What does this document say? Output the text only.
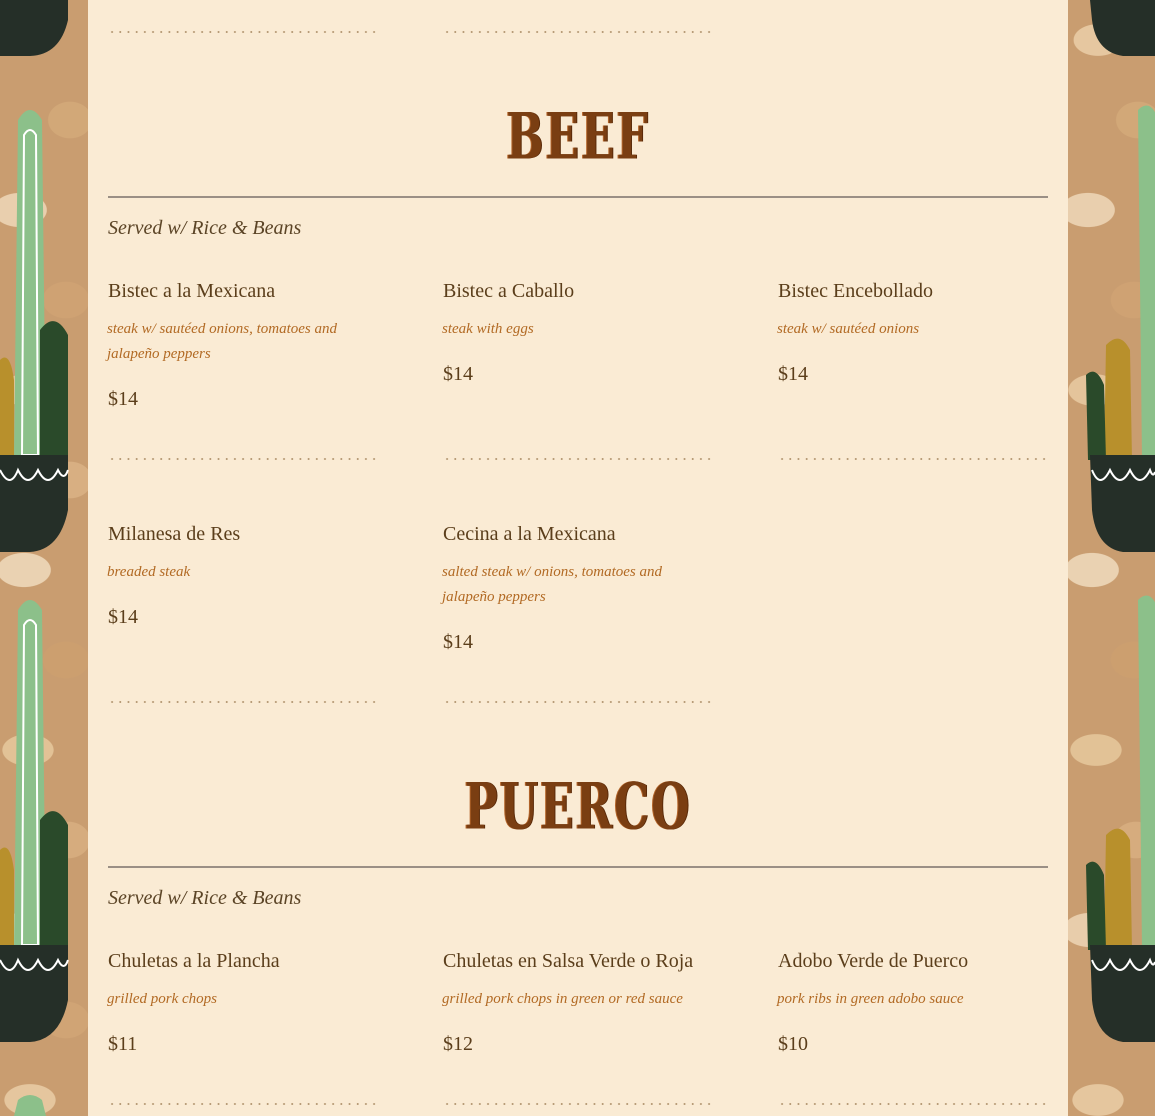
BEEF
Served w/ Rice & Beans
Bistec a la Mexicana
steak w/ sautéed onions, tomatoes and jalapeño peppers
$14
Bistec a Caballo
steak with eggs
$14
Bistec Encebollado
steak w/ sautéed onions
$14
Milanesa de Res
breaded steak
$14
Cecina a la Mexicana
salted steak w/ onions, tomatoes and jalapeño peppers
$14
PUERCO
Served w/ Rice & Beans
Chuletas a la Plancha
grilled pork chops
$11
Chuletas en Salsa Verde o Roja
grilled pork chops in green or red sauce
$12
Adobo Verde de Puerco
pork ribs in green adobo sauce
$10
